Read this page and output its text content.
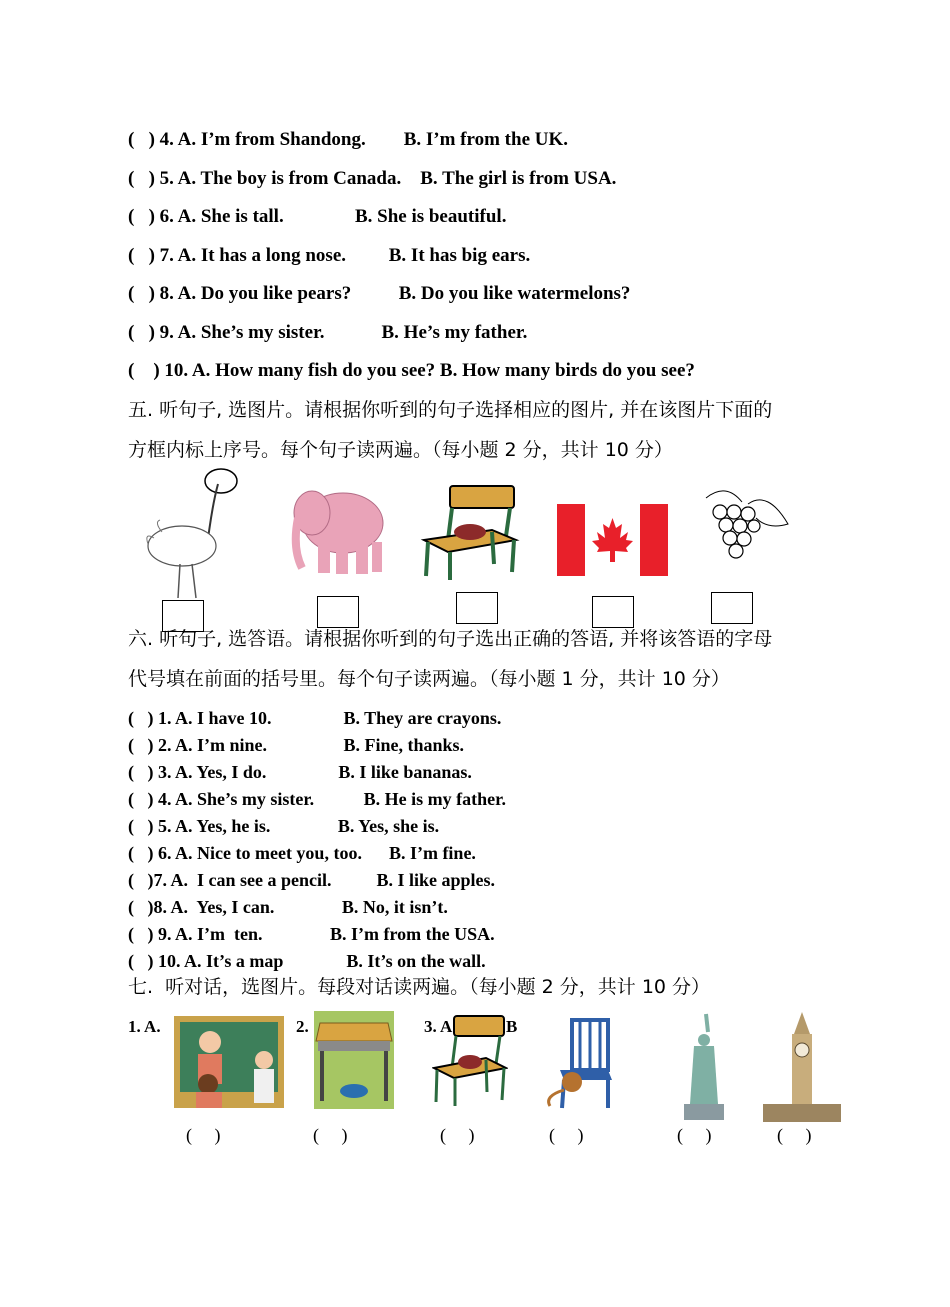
(   ) 4. A. I’m from Shandong.        B. I’m from the UK.
(   ) 5. A. The boy is from Canada.    B. The girl is from USA.
(   ) 6. A. She is tall.               B. She is beautiful.
(   ) 7. A. It has a long nose.         B. It has big ears.
(   ) 8. A. Do you like pears?          B. Do you like watermelons?
(   ) 9. A. She’s my sister.            B. He’s my father.
(    ) 10. A. How many fish do you see? B. How many birds do you see?
五. 听句子, 选图片。请根据你听到的句子选择相应的图片, 并在该图片下面的
方框内标上序号。每个句子读两遍。（每小题 2 分，共计 10 分）
六. 听句子, 选答语。请根据你听到的句子选出正确的答语, 并将该答语的字母
代号填在前面的括号里。每个句子读两遍。（每小题 1 分，共计 10 分）
(   ) 1. A. I have 10.                B. They are crayons.
(   ) 2. A. I’m nine.                 B. Fine, thanks.
(   ) 3. A. Yes, I do.                B. I like bananas.
(   ) 4. A. She’s my sister.           B. He is my father.
(   ) 5. A. Yes, he is.               B. Yes, she is.
(   ) 6. A. Nice to meet you, too.      B. I’m fine.
(   )7. A.  I can see a pencil.          B. I like apples.
(   )8. A.  Yes, I can.               B. No, it isn’t.
(   ) 9. A. I’m  ten.               B. I’m from the USA.
(   ) 10. A. It’s a map              B. It’s on the wall.
七.  听对话，选图片。每段对话读两遍。（每小题 2 分，共计 10 分）
1. A.	2.	3. A	B
(     )	(     )	(     )	(     )	(     )	(     )
